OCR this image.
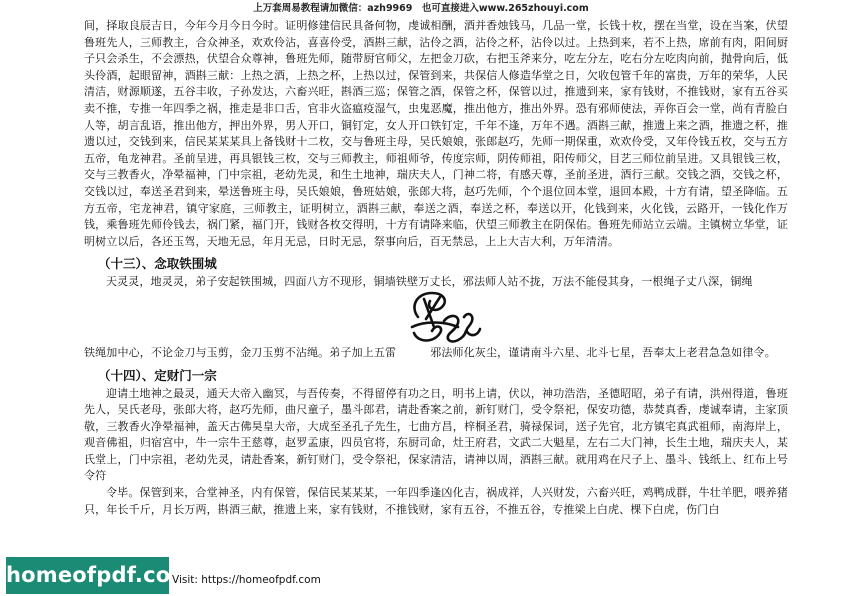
上万套周易教程请加微信：azh9969　也可直接进入www.265zhouyi.com

间，择取良辰吉日，今年今月今日今时。证明修建信民具备何物，虔诚相酬，酒并香烛钱马，几品一堂，长钱十枚，摆在当堂，设在当案，伏望鲁班先人，三师教主，合众神圣，欢欢伶沾，喜喜伶受，酒斟三献，沾伶之酒，沾伶之杯，沾伶以过。上热到来，若不上热，席前有肉，阳间厨子只会杀生，不会漂热，伏望合众尊神，鲁班先师，随带厨官师父，左把金刀砍，右把玉斧来分，吃左分左，吃右分左吃肉向前，抛骨向后，低头伶酒，起眼留神，酒斟三献：上热之酒，上热之杯，上热以过，保管到来，共保信人修造华堂之日，欠收包管千年的富贵，万年的荣华，人民清洁，财源顺遂，五谷丰收，子孙发达，六畜兴旺，斟酒三巡；保管之酒，保管之杯，保管以过，推遗到来，家有钱财，不推钱财，家有五谷买卖不推，专推一年四季之祸，推走是非口舌，官非火盗瘟疫湿气，虫鬼恶魔，推出他方，推出外界。恐有邪师使法，弄你百会一堂，尚有青脸白人等，胡言乱语，推出他方，押出外界，男人开口，铜钉定，女人开口铁钉定，千年不逢，万年不遇。酒斟三献，推遗上来之酒，推遗之杯，推遗以过，交钱到来，信民某某某具上备钱财十二枚，交与鲁班主母，吴氏娘娘，张郎赵巧，先师一期保重，欢欢伶受，又年伶钱五枚，交与五方五帝，龟龙神君。圣前呈进，再具银钱三枚，交与三师教主，师祖师爷，传度宗师，阴传师祖，阳传师父，目艺三师位前呈进。又具银钱三枚，交与三教香火，净晕福神，门中宗祖，老幼先灵，和生土地神，瑞庆夫人，门神二将，有感天尊，圣前圣进，酒行三献。交钱之酒，交钱之杯，交钱以过，奉送圣君到来，晕送鲁班主母，吴氏娘娘，鲁班姑娘，张郎大将，赵巧先师，个个退位回本堂，退回本殿，十方有请，望圣降临。五方五帝，宅龙神君，镇守家庭，三师教主，证明树立，酒斟三献，奉送之酒，奉送之杯，奉送以开，化钱到来，火化钱，云路开，一钱化作万钱，乘鲁班先师伶钱去，祸门紧，福门开，钱财各枚交得明，十方有请降来临，伏望三师教主在阴保佑。鲁班先师站立云端。主镇树立华堂，证明树立以后，各还玉驾，天地无忌，年月无忌，日时无忌，祭事向后，百无禁忌，上上大吉大利，万年清清。

（十三）、念取铁围城

天灵灵，地灵灵，弟子安起铁围城，四面八方不现形，铜墙铁壁万丈长，邪法师人站不拢，万法不能侵其身，一根绳子丈八深，铜绳

铁绳加中心，不论金刀与玉剪，金刀玉剪不沾绳。弟子加上五雷	邪法师化灰尘，谨请南斗六星、北斗七星，吾奉太上老君急急如律令。

（十四）、定财门一宗

迎请土地神之最灵，通天大帝入幽冥，与吾传奏，不得留停有功之日，明书上请，伏以，神功浩浩，圣德昭昭，弟子有请，洪州得道，鲁班先人，吴氏老母，张郎大将，赵巧先师，曲尺童子，墨斗郎君，请赴香案之前，新钉财门，受令祭祀，保安功德，恭焚真香，虔诚奉请，主家顶敬，三教香火净晕福神，盖天古佛昊皇大帝，大成至圣孔子先生，七曲方昌，梓桐圣君，骑禄保词，送子先官，北方镇宅真武祖师，南海岸上，观音佛祖，归宿宫中，牛一宗牛王慈尊，赵罗孟康，四员官将，东厨司命，灶王府君，文武二大魁星，左右二大门神，长生土地，瑞庆夫人，某氏堂上，门中宗祖，老幼先灵，请赴香案，新钉财门，受令祭祀，保家清洁，请神以周，酒斟三献。就用鸡在尺子上、墨斗、钱纸上、红布上号令符

令毕。保管到来，合堂神圣，内有保管，保信民某某某，一年四季逢凶化吉，祸成祥，人兴财发，六畜兴旺，鸡鸭成群，牛壮羊肥，喂养猪只，年长千斤，月长万两，斟酒三献，推遗上来，家有钱财，不推钱财，家有五谷，不推五谷，专推梁上白虎、棵下白虎，伤门白

homeofpdf.com
Visit: https://homeofpdf.com
